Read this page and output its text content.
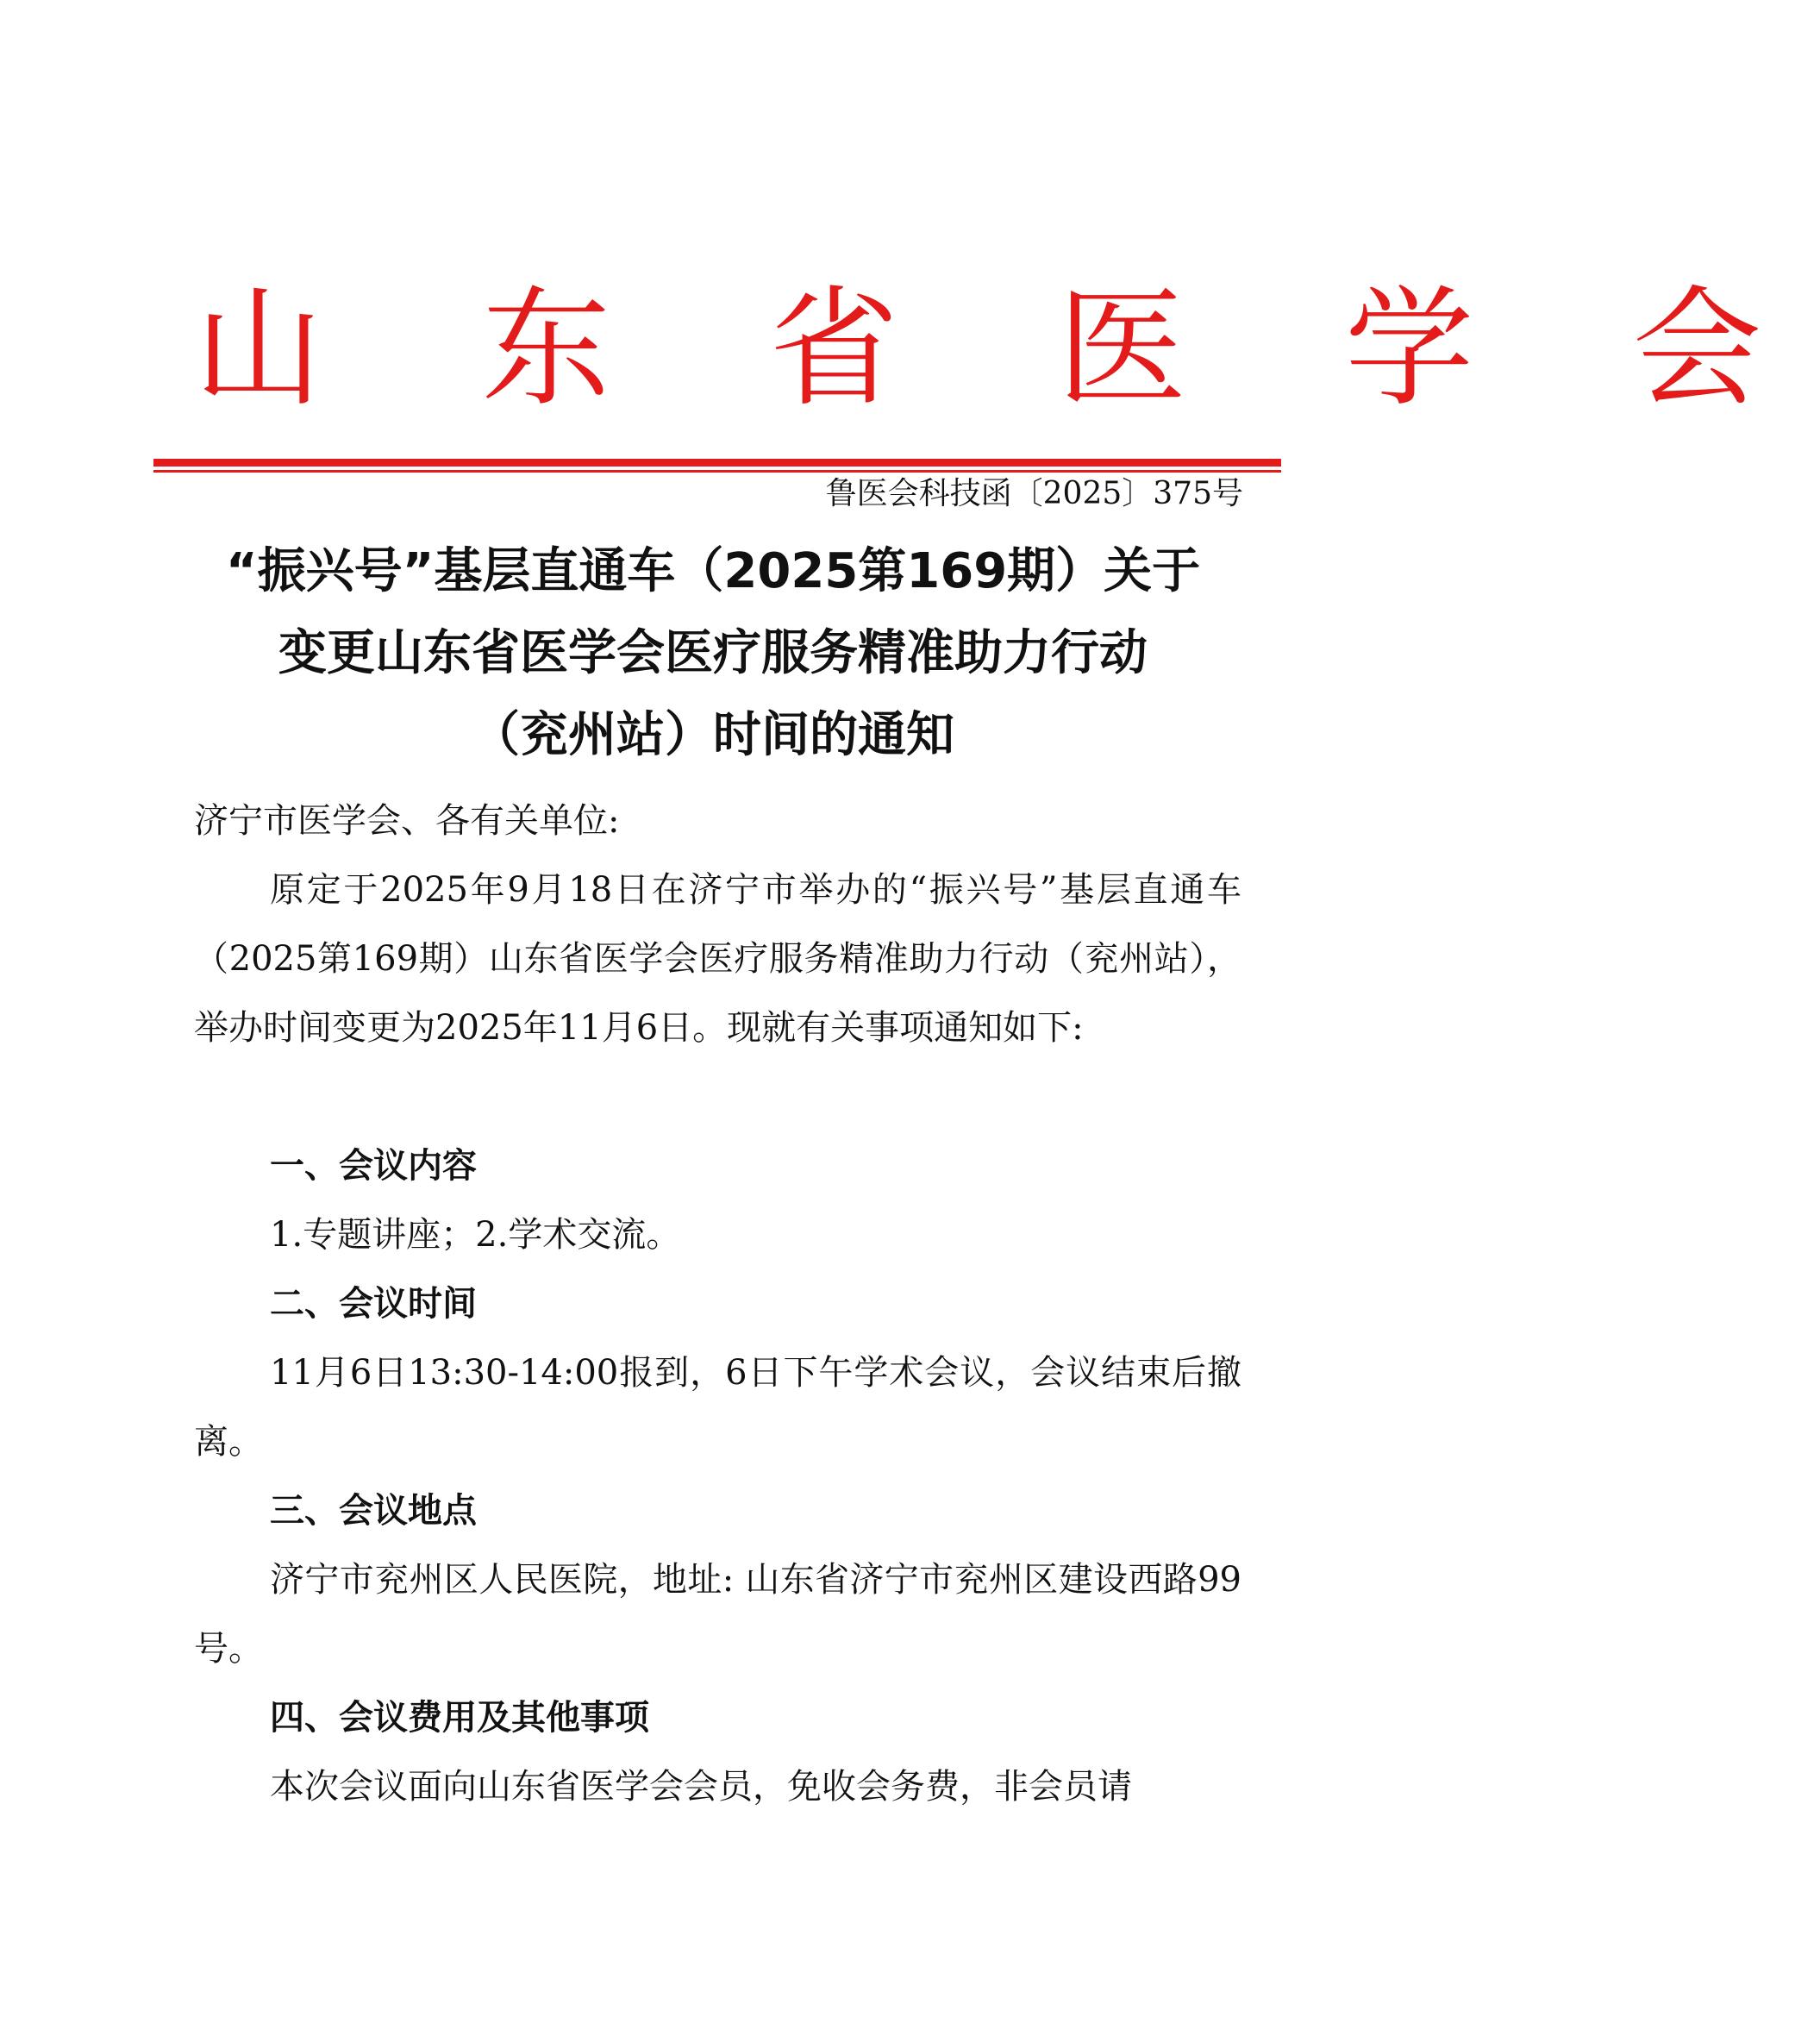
山 东 省 医 学 会
鲁医会科技函〔2025〕375号
“振兴号”基层直通车（2025第169期）关于
变更山东省医学会医疗服务精准助力行动
（兖州站）时间的通知
济宁市医学会、各有关单位:
原定于2025年9月18日在济宁市举办的“振兴号”基层直通车（2025第169期）山东省医学会医疗服务精准助力行动（兖州站），举办时间变更为2025年11月6日。现就有关事项通知如下:
一、会议内容
1.专题讲座；2.学术交流。
二、会议时间
11月6日13:30-14:00报到，6日下午学术会议，会议结束后撤离。
三、会议地点
济宁市兖州区人民医院，地址: 山东省济宁市兖州区建设西路99号。
四、会议费用及其他事项
本次会议面向山东省医学会会员，免收会务费，非会员请
